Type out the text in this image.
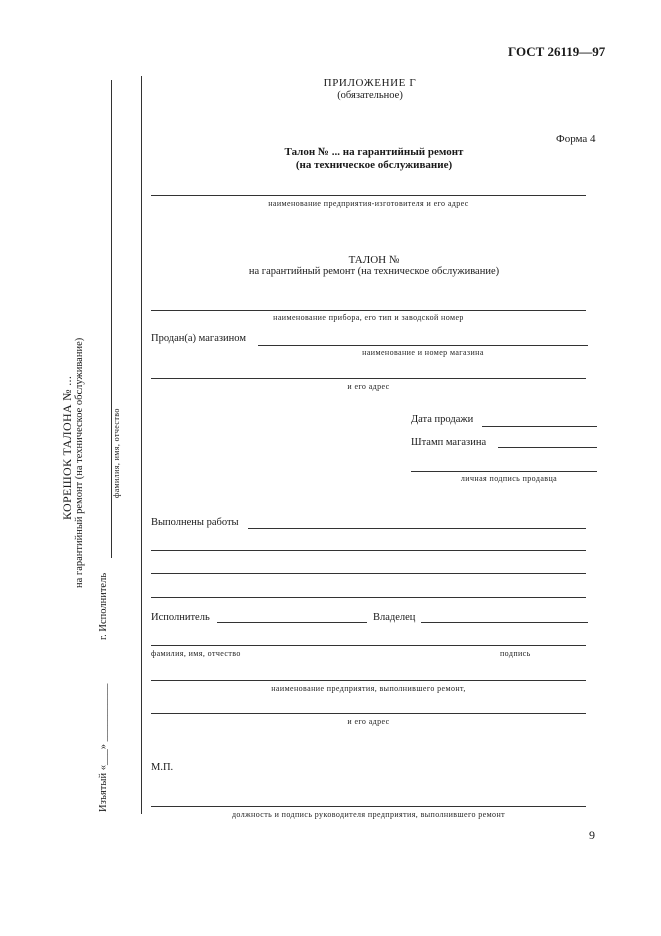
ГОСТ 26119—97
ПРИЛОЖЕНИЕ Г
(обязательное)
Форма 4
Талон № ... на гарантийный ремонт
(на техническое обслуживание)
наименование предприятия-изготовителя и его адрес
ТАЛОН №
на гарантийный ремонт (на техническое обслуживание)
наименование прибора, его тип и заводской номер
Продан(а) магазином
наименование и номер магазина
и его адрес
Дата продажи
Штамп магазина
личная подпись продавца
Выполнены работы
Исполнитель	Владелец
фамилия, имя, отчество	подпись
наименование предприятия, выполнившего ремонт,
и его адрес
М.П.
должность и подпись руководителя предприятия, выполнившего ремонт
9
КОРЕШОК ТАЛОНА № ... на гарантийный ремонт (на техническое обслуживание)
Изъятый «___» ___________
г. Исполнитель
фамилия, имя, отчество
